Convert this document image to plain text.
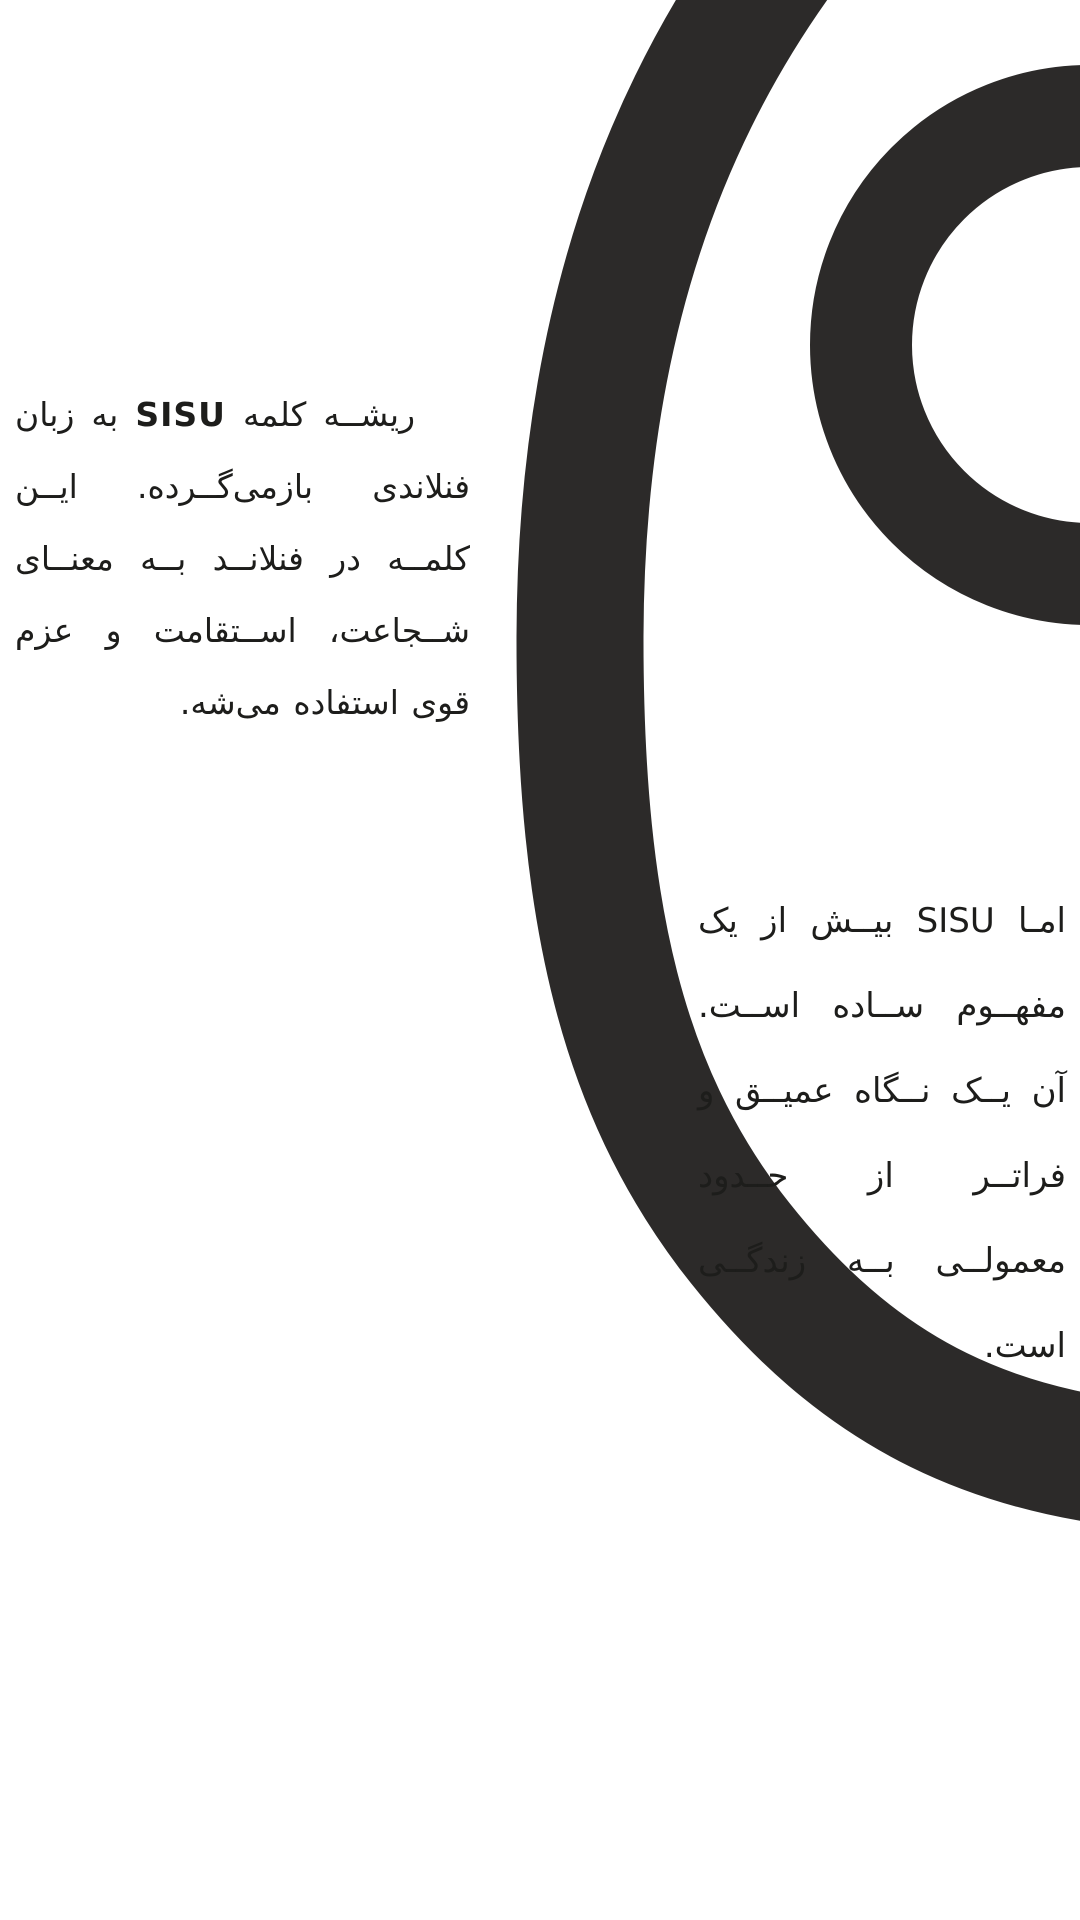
ریشــه کلمه SISU به زبان فنلاندی بازمی‌گــرده. ایــن کلمــه در فنلانــد بــه معنــای شــجاعت، اســتقامت و عزم قوی استفاده می‌شه.

امـا SISU بیــش از یک مفهــوم ســاده اســت. آن یــک نــگاه عمیــق و فراتــر از حــدود معمولــی بــه زندگــی است.
